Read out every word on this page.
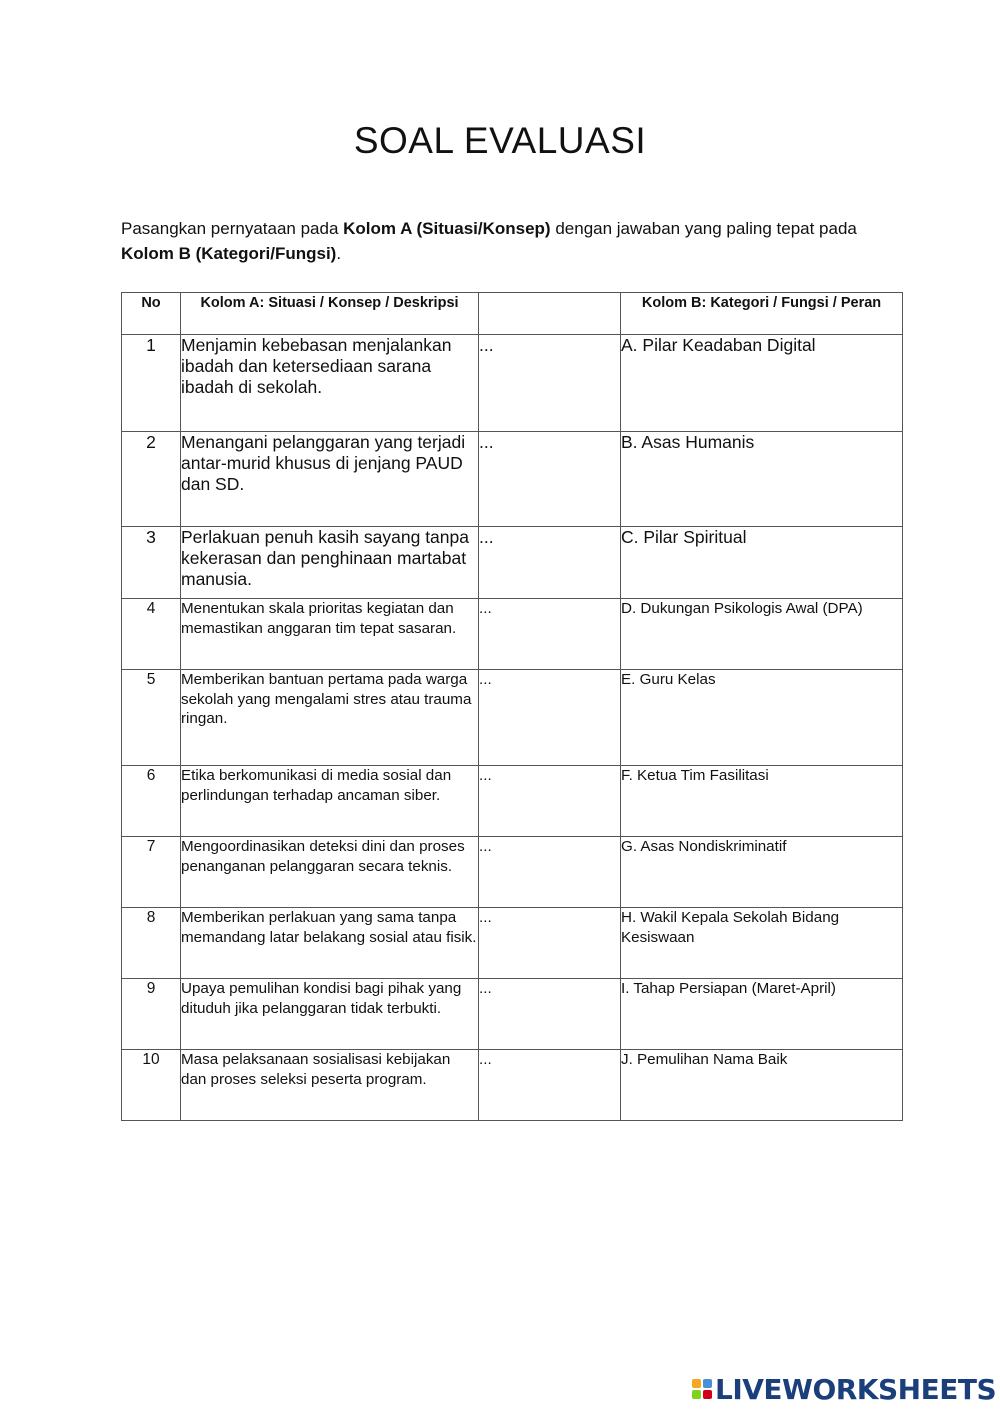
SOAL EVALUASI

Pasangkan pernyataan pada Kolom A (Situasi/Konsep) dengan jawaban yang paling tepat pada Kolom B (Kategori/Fungsi).

No	Kolom A: Situasi / Konsep / Deskripsi		Kolom B: Kategori / Fungsi / Peran
1	Menjamin kebebasan menjalankan ibadah dan ketersediaan sarana ibadah di sekolah.	...	A. Pilar Keadaban Digital
2	Menangani pelanggaran yang terjadi antar-murid khusus di jenjang PAUD dan SD.	...	B. Asas Humanis
3	Perlakuan penuh kasih sayang tanpa kekerasan dan penghinaan martabat manusia.	...	C. Pilar Spiritual
4	Menentukan skala prioritas kegiatan dan memastikan anggaran tim tepat sasaran.	...	D. Dukungan Psikologis Awal (DPA)
5	Memberikan bantuan pertama pada warga sekolah yang mengalami stres atau trauma ringan.	...	E. Guru Kelas
6	Etika berkomunikasi di media sosial dan perlindungan terhadap ancaman siber.	...	F. Ketua Tim Fasilitasi
7	Mengoordinasikan deteksi dini dan proses penanganan pelanggaran secara teknis.	...	G. Asas Nondiskriminatif
8	Memberikan perlakuan yang sama tanpa memandang latar belakang sosial atau fisik.	...	H. Wakil Kepala Sekolah Bidang Kesiswaan
9	Upaya pemulihan kondisi bagi pihak yang dituduh jika pelanggaran tidak terbukti.	...	I. Tahap Persiapan (Maret-April)
10	Masa pelaksanaan sosialisasi kebijakan dan proses seleksi peserta program.	...	J. Pemulihan Nama Baik
LIVEWORKSHEETS
